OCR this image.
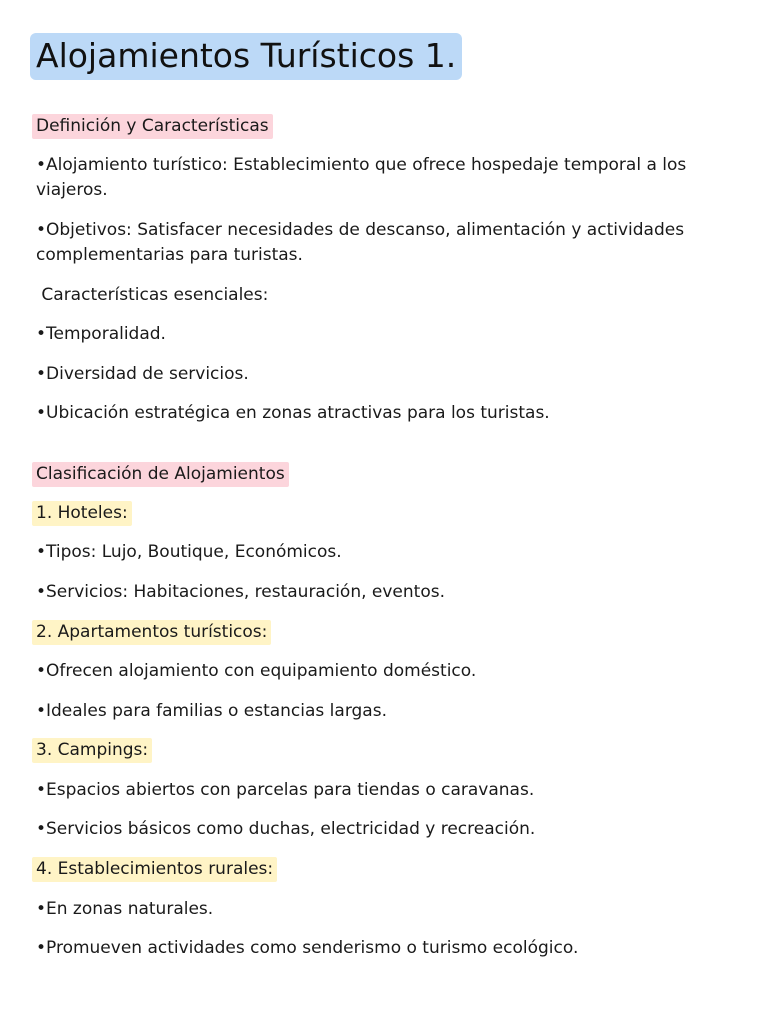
Alojamientos Turísticos 1.
Definición y Características
•Alojamiento turístico: Establecimiento que ofrece hospedaje temporal a los viajeros.
•Objetivos: Satisfacer necesidades de descanso, alimentación y actividades complementarias para turistas.
Características esenciales:
•Temporalidad.
•Diversidad de servicios.
•Ubicación estratégica en zonas atractivas para los turistas.
Clasificación de Alojamientos
1. Hoteles:
•Tipos: Lujo, Boutique, Económicos.
•Servicios: Habitaciones, restauración, eventos.
2. Apartamentos turísticos:
•Ofrecen alojamiento con equipamiento doméstico.
•Ideales para familias o estancias largas.
3. Campings:
•Espacios abiertos con parcelas para tiendas o caravanas.
•Servicios básicos como duchas, electricidad y recreación.
4. Establecimientos rurales:
•En zonas naturales.
•Promueven actividades como senderismo o turismo ecológico.
